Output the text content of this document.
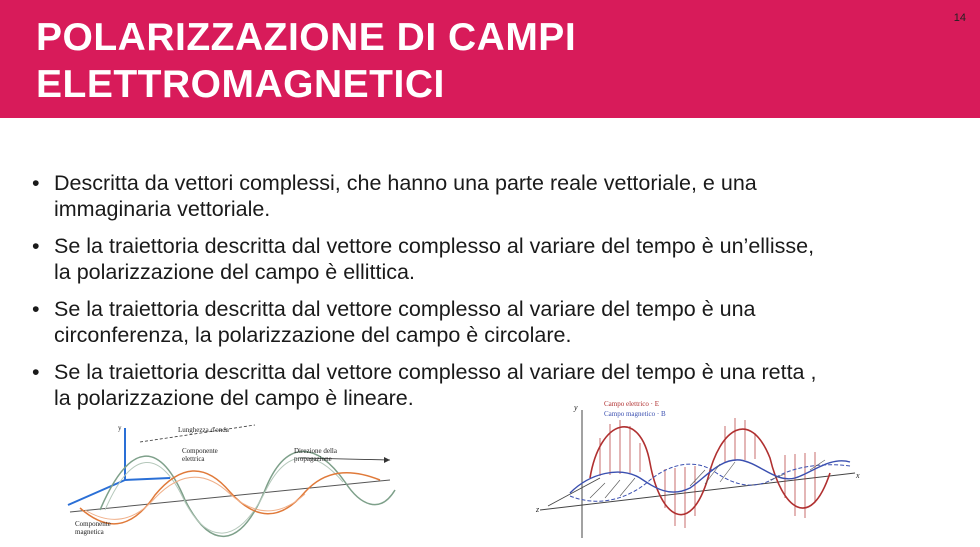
POLARIZZAZIONE DI CAMPI
ELETTROMAGNETICI
14
• Descritta da vettori complessi, che hanno una parte reale vettoriale, e una
immaginaria vettoriale.
• Se la traiettoria descritta dal vettore complesso al variare del tempo è un’ellisse,
la polarizzazione del campo è ellittica.
• Se la traiettoria descritta dal vettore complesso al variare del tempo è una
circonferenza, la polarizzazione del campo è circolare.
• Se la traiettoria descritta dal vettore complesso al variare del tempo è una retta ,
la polarizzazione del campo è lineare.
y	Lunghezza d'onda
Componente
elettrica
Direzione della
propagazione
Componente
magnetica
y
x
z
Campo elettrico · E
Campo magnetico · B
